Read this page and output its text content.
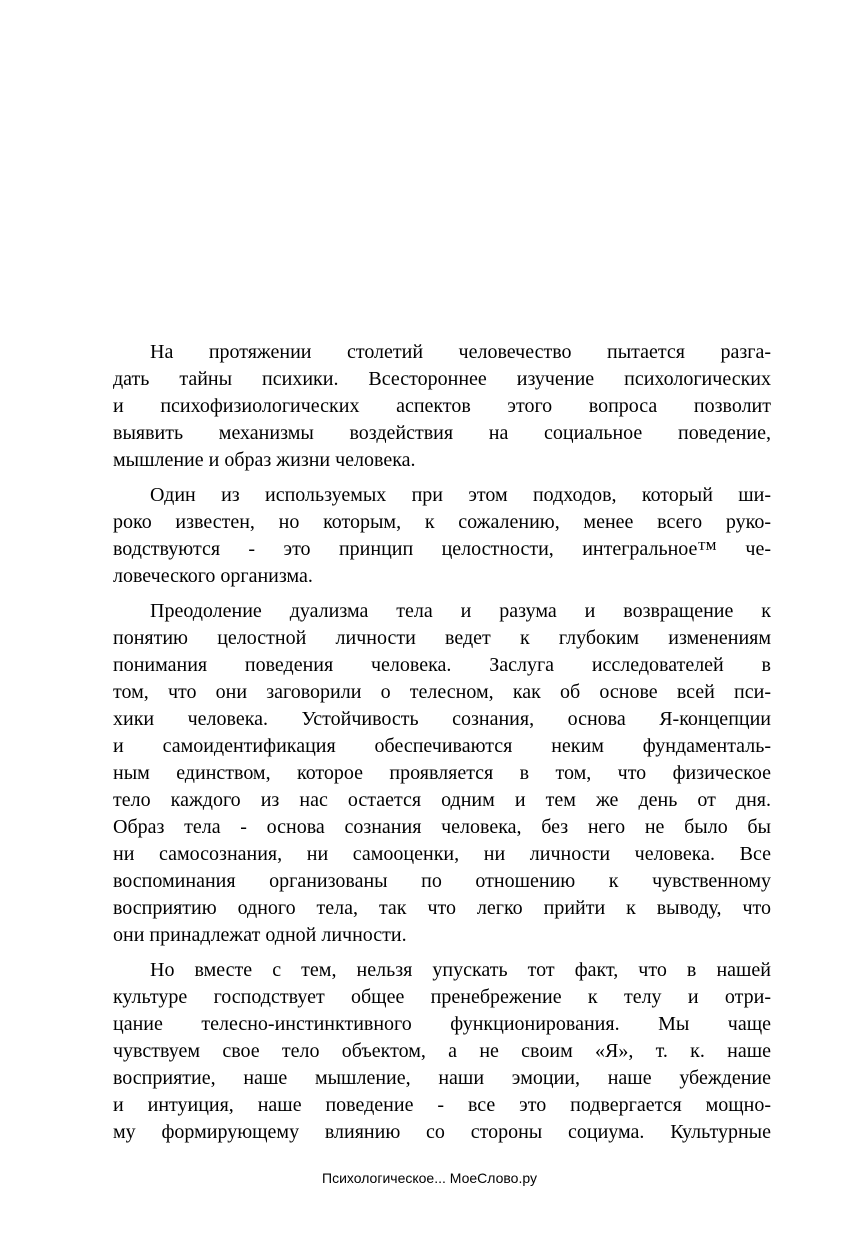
На протяжении столетий человечество пытается разга-
дать тайны психики. Всестороннее изучение психологических
и психофизиологических аспектов этого вопроса позволит
выявить механизмы воздействия на социальное поведение,
мышление и образ жизни человека.

Один из используемых при этом подходов, который ши-
роко известен, но которым, к сожалению, менее всего руко-
водствуются - это принцип целостности, интегральное™ че-
ловеческого организма.

Преодоление дуализма тела и разума и возвращение к
понятию целостной личности ведет к глубоким изменениям
понимания поведения человека. Заслуга исследователей в
том, что они заговорили о телесном, как об основе всей пси-
хики человека. Устойчивость сознания, основа Я-концепции
и самоидентификация обеспечиваются неким фундаменталь-
ным единством, которое проявляется в том, что физическое
тело каждого из нас остается одним и тем же день от дня.
Образ тела - основа сознания человека, без него не было бы
ни самосознания, ни самооценки, ни личности человека. Все
воспоминания организованы по отношению к чувственному
восприятию одного тела, так что легко прийти к выводу, что
они принадлежат одной личности.

Но вместе с тем, нельзя упускать тот факт, что в нашей
культуре господствует общее пренебрежение к телу и отри-
цание телесно-инстинктивного функционирования. Мы чаще
чувствуем свое тело объектом, а не своим «Я», т. к. наше
восприятие, наше мышление, наши эмоции, наше убеждение
и интуиция, наше поведение - все это подвергается мощно-
му формирующему влиянию со стороны социума. Культурные

Психологическое... МоеСлово.ру
